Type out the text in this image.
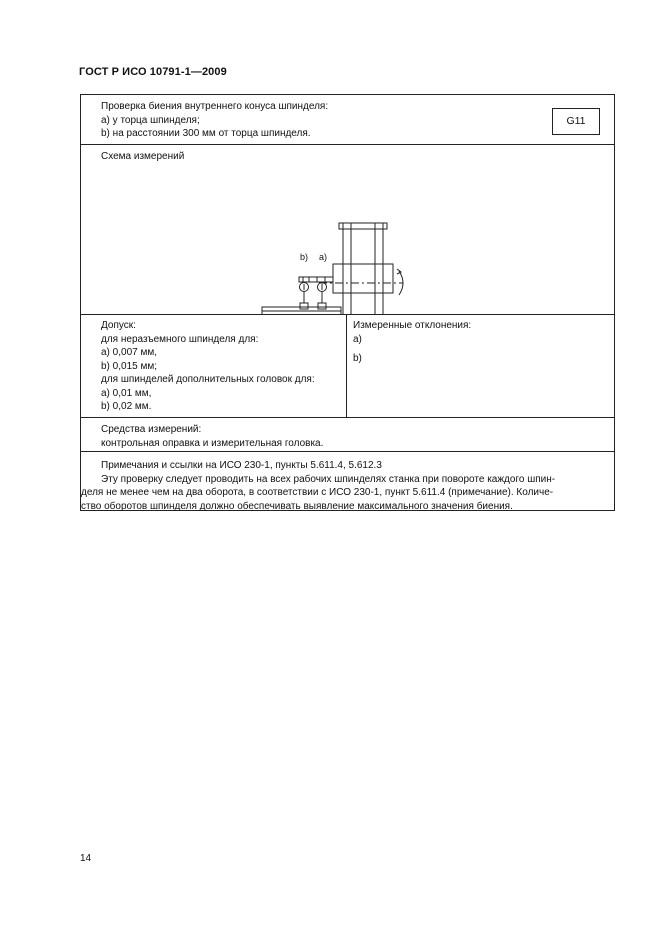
ГОСТ Р ИСО 10791-1—2009
Проверка биения внутреннего конуса шпинделя:
a) у торца шпинделя;
b) на расстоянии 300 мм от торца шпинделя.
G11
Схема измерений
b) a)
Допуск:
для неразъемного шпинделя для:
a) 0,007 мм,
b) 0,015 мм;
для шпинделей дополнительных головок для:
a) 0,01 мм,
b) 0,02 мм.
Измеренные отклонения:
a)
b)
Средства измерений:
контрольная оправка и измерительная головка.
Примечания и ссылки на ИСО 230-1, пункты 5.611.4, 5.612.3
Эту проверку следует проводить на всех рабочих шпинделях станка при повороте каждого шпин-
деля не менее чем на два оборота, в соответствии с ИСО 230-1, пункт 5.611.4 (примечание). Количе-
ство оборотов шпинделя должно обеспечивать выявление максимального значения биения.
14
